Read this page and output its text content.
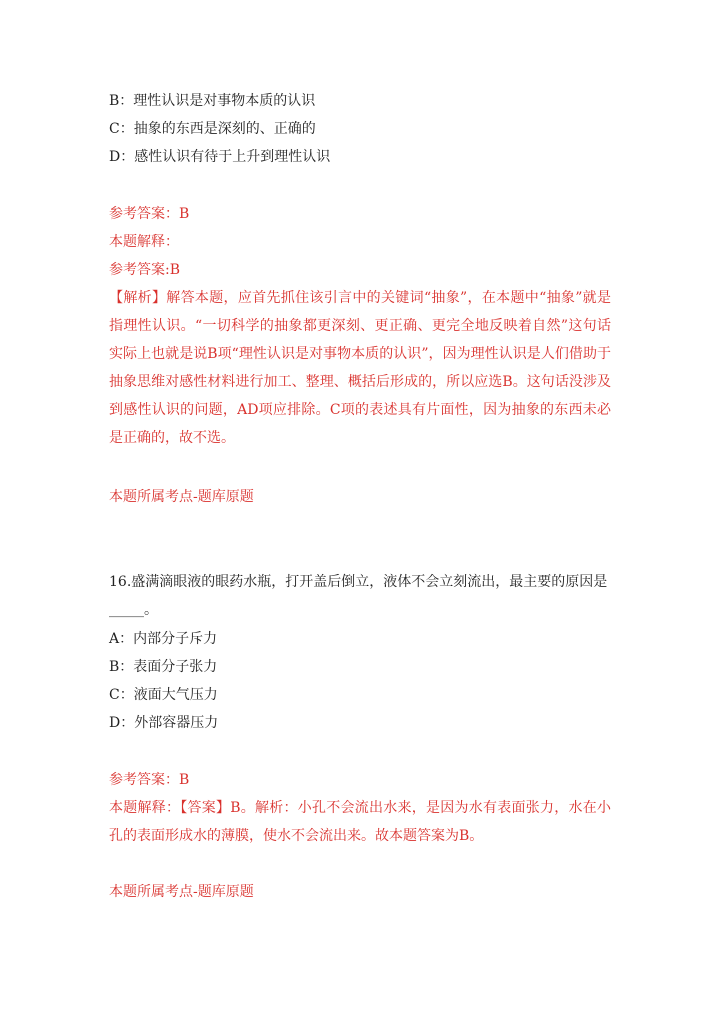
B：理性认识是对事物本质的认识
C：抽象的东西是深刻的、正确的
D：感性认识有待于上升到理性认识
参考答案：B
本题解释：
参考答案:B
【解析】解答本题，应首先抓住该引言中的关键词“抽象”，在本题中“抽象”就是指理性认识。“一切科学的抽象都更深刻、更正确、更完全地反映着自然”这句话实际上也就是说B项“理性认识是对事物本质的认识”，因为理性认识是人们借助于抽象思维对感性材料进行加工、整理、概括后形成的，所以应选B。这句话没涉及到感性认识的问题，AD项应排除。C项的表述具有片面性，因为抽象的东西未必是正确的，故不选。
本题所属考点-题库原题
16.盛满滴眼液的眼药水瓶，打开盖后倒立，液体不会立刻流出，最主要的原因是_____。
A：内部分子斥力
B：表面分子张力
C：液面大气压力
D：外部容器压力
参考答案：B
本题解释：【答案】B。解析：小孔不会流出水来，是因为水有表面张力，水在小孔的表面形成水的薄膜，使水不会流出来。故本题答案为B。
本题所属考点-题库原题
